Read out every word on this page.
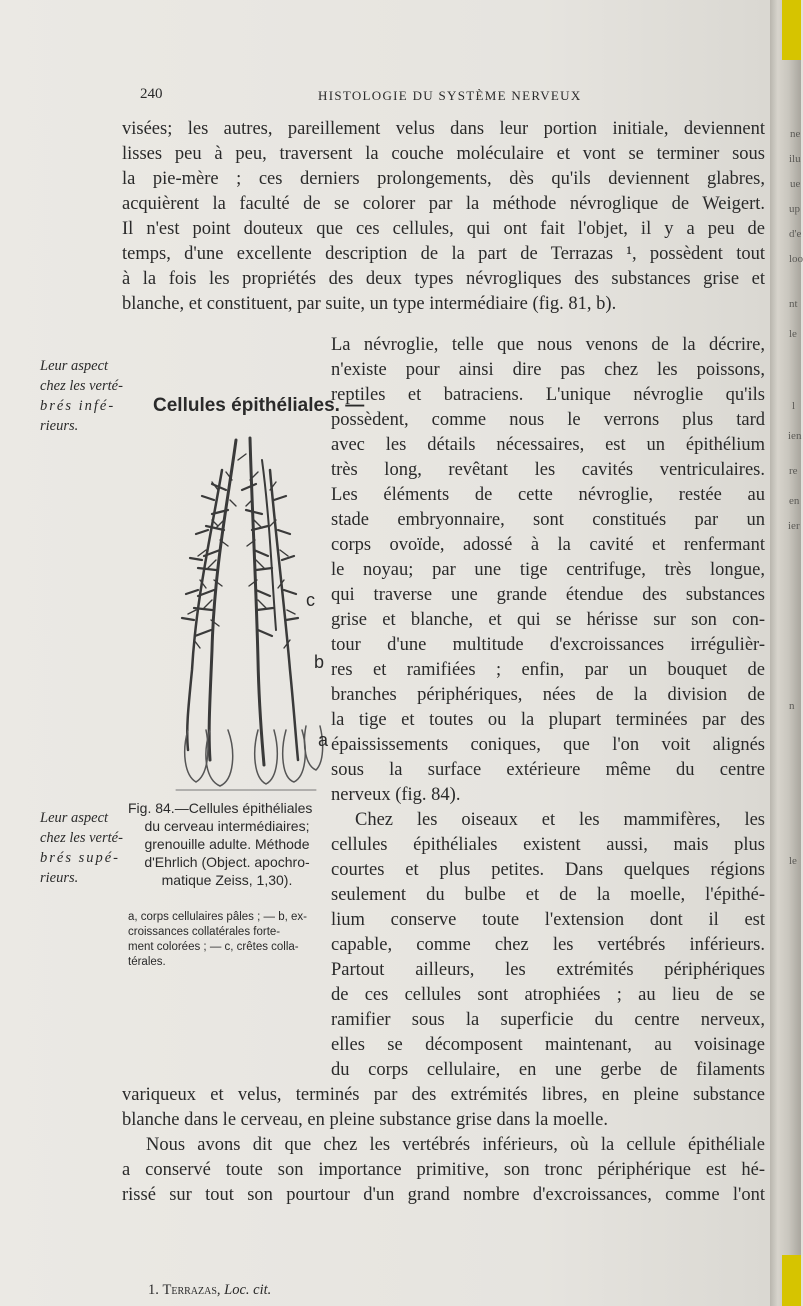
ne
ilu
ue
up
d'e
loo
nt
le
l
ien
re
en
ier
n
le
240	HISTOLOGIE DU SYSTÈME NERVEUX
visées; les autres, pareillement velus dans leur portion initiale, deviennent
lisses peu à peu, traversent la couche moléculaire et vont se terminer sous
la pie-mère ; ces derniers prolongements, dès qu'ils deviennent glabres,
acquièrent la faculté de se colorer par la méthode névroglique de Weigert.
Il n'est point douteux que ces cellules, qui ont fait l'objet, il y a peu de
temps, d'une excellente description de la part de Terrazas ¹, possèdent tout
à la fois les propriétés des deux types névrogliques des substances grise et
blanche, et constituent, par suite, un type intermédiaire (fig. 81, b).
Cellules épithéliales. —
La névroglie, telle que nous venons de la décrire,
n'existe pour ainsi dire pas chez les poissons,
reptiles et batraciens. L'unique névroglie qu'ils
possèdent, comme nous le verrons plus tard
avec les détails nécessaires, est un épithélium
très long, revêtant les cavités ventriculaires.
Les éléments de cette névroglie, restée au
stade embryonnaire, sont constitués par un
corps ovoïde, adossé à la cavité et renfermant
le noyau; par une tige centrifuge, très longue,
qui traverse une grande étendue des substances
grise et blanche, et qui se hérisse sur son con-
tour d'une multitude d'excroissances irrégulièr-
res et ramifiées ; enfin, par un bouquet de
branches périphériques, nées de la division de
la tige et toutes ou la plupart terminées par des
épaississements coniques, que l'on voit alignés
sous la surface extérieure même du centre
nerveux (fig. 84).
Chez les oiseaux et les mammifères, les
cellules épithéliales existent aussi, mais plus
courtes et plus petites. Dans quelques régions
seulement du bulbe et de la moelle, l'épithé-
lium conserve toute l'extension dont il est
capable, comme chez les vertébrés inférieurs.
Partout ailleurs, les extrémités périphériques
de ces cellules sont atrophiées ; au lieu de se
ramifier sous la superficie du centre nerveux,
elles se décomposent maintenant, au voisinage
du corps cellulaire, en une gerbe de filaments
variqueux et velus, terminés par des extrémités libres, en pleine substance
blanche dans le cerveau, en pleine substance grise dans la moelle.
Nous avons dit que chez les vertébrés inférieurs, où la cellule épithéliale
a conservé toute son importance primitive, son tronc périphérique est hé-
rissé sur tout son pourtour d'un grand nombre d'excroissances, comme l'ont
Leur aspect
chez les verté-
brés infé-
rieurs.
Leur aspect
chez les verté-
brés supé-
rieurs.
c
b
a
Fig. 84.—Cellules épithéliales
du cerveau intermédiaires;
grenouille adulte. Méthode
d'Ehrlich (Object. apochro-
matique Zeiss, 1,30).
a, corps cellulaires pâles ; — b, ex-
croissances collatérales forte-
ment colorées ; — c, crêtes colla-
térales.
1. Terrazas, Loc. cit.
